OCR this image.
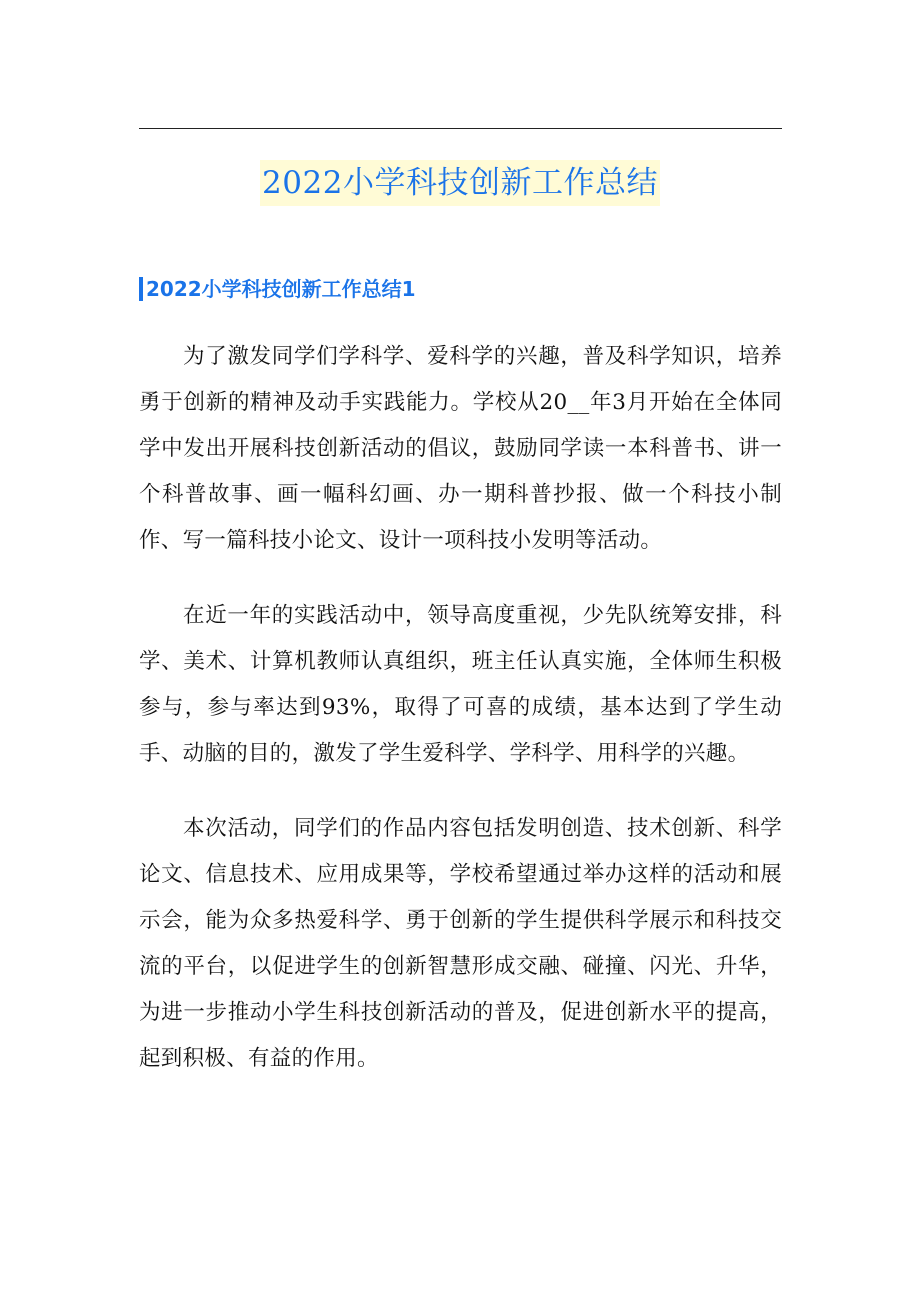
2022小学科技创新工作总结
2022小学科技创新工作总结1

为了激发同学们学科学、爱科学的兴趣，普及科学知识，培养勇于创新的精神及动手实践能力。学校从20__年3月开始在全体同学中发出开展科技创新活动的倡议，鼓励同学读一本科普书、讲一个科普故事、画一幅科幻画、办一期科普抄报、做一个科技小制作、写一篇科技小论文、设计一项科技小发明等活动。

在近一年的实践活动中，领导高度重视，少先队统筹安排，科学、美术、计算机教师认真组织，班主任认真实施，全体师生积极参与，参与率达到93%，取得了可喜的成绩，基本达到了学生动手、动脑的目的，激发了学生爱科学、学科学、用科学的兴趣。

本次活动，同学们的作品内容包括发明创造、技术创新、科学论文、信息技术、应用成果等，学校希望通过举办这样的活动和展示会，能为众多热爱科学、勇于创新的学生提供科学展示和科技交流的平台，以促进学生的创新智慧形成交融、碰撞、闪光、升华，为进一步推动小学生科技创新活动的普及，促进创新水平的提高，起到积极、有益的作用。
